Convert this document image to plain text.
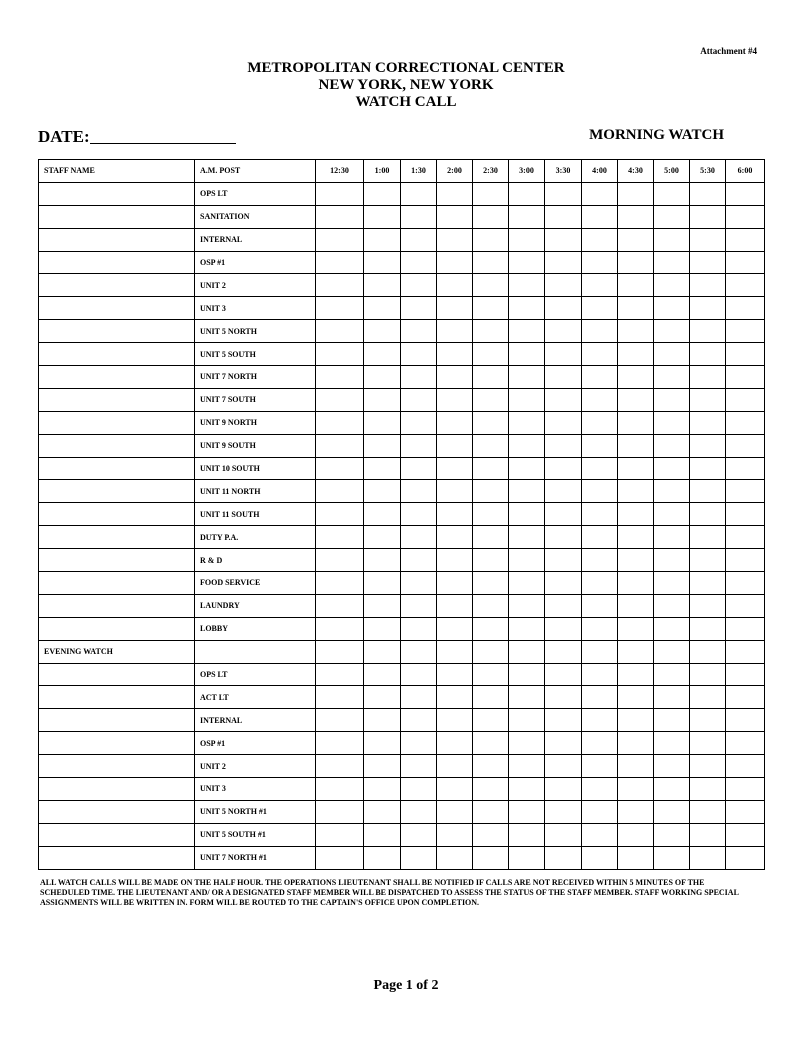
Attachment #4
METROPOLITAN CORRECTIONAL CENTER
NEW YORK, NEW YORK
WATCH CALL
DATE:	MORNING WATCH
STAFF NAME	A.M. POST	12:30	1:00	1:30	2:00	2:30	3:00	3:30	4:00	4:30	5:00	5:30	6:00
	OPS LT												
	SANITATION												
	INTERNAL												
	OSP #1												
	UNIT 2												
	UNIT 3												
	UNIT 5 NORTH												
	UNIT 5 SOUTH												
	UNIT 7 NORTH												
	UNIT 7 SOUTH												
	UNIT 9 NORTH												
	UNIT 9 SOUTH												
	UNIT 10 SOUTH												
	UNIT 11 NORTH												
	UNIT 11 SOUTH												
	DUTY P.A.												
	R & D												
	FOOD SERVICE												
	LAUNDRY												
	LOBBY												
EVENING WATCH													
	OPS LT												
	ACT LT												
	INTERNAL												
	OSP #1												
	UNIT 2												
	UNIT 3												
	UNIT 5 NORTH #1												
	UNIT 5 SOUTH #1												
	UNIT 7 NORTH #1												
ALL WATCH CALLS WILL BE MADE ON THE HALF HOUR. THE OPERATIONS LIEUTENANT SHALL BE NOTIFIED IF CALLS ARE NOT RECEIVED WITHIN 5 MINUTES OF THE SCHEDULED TIME. THE LIEUTENANT AND/ OR A DESIGNATED STAFF MEMBER WILL BE DISPATCHED TO ASSESS THE STATUS OF THE STAFF MEMBER. STAFF WORKING SPECIAL ASSIGNMENTS WILL BE WRITTEN IN. FORM WILL BE ROUTED TO THE CAPTAIN'S OFFICE UPON COMPLETION.
Page 1 of 2
